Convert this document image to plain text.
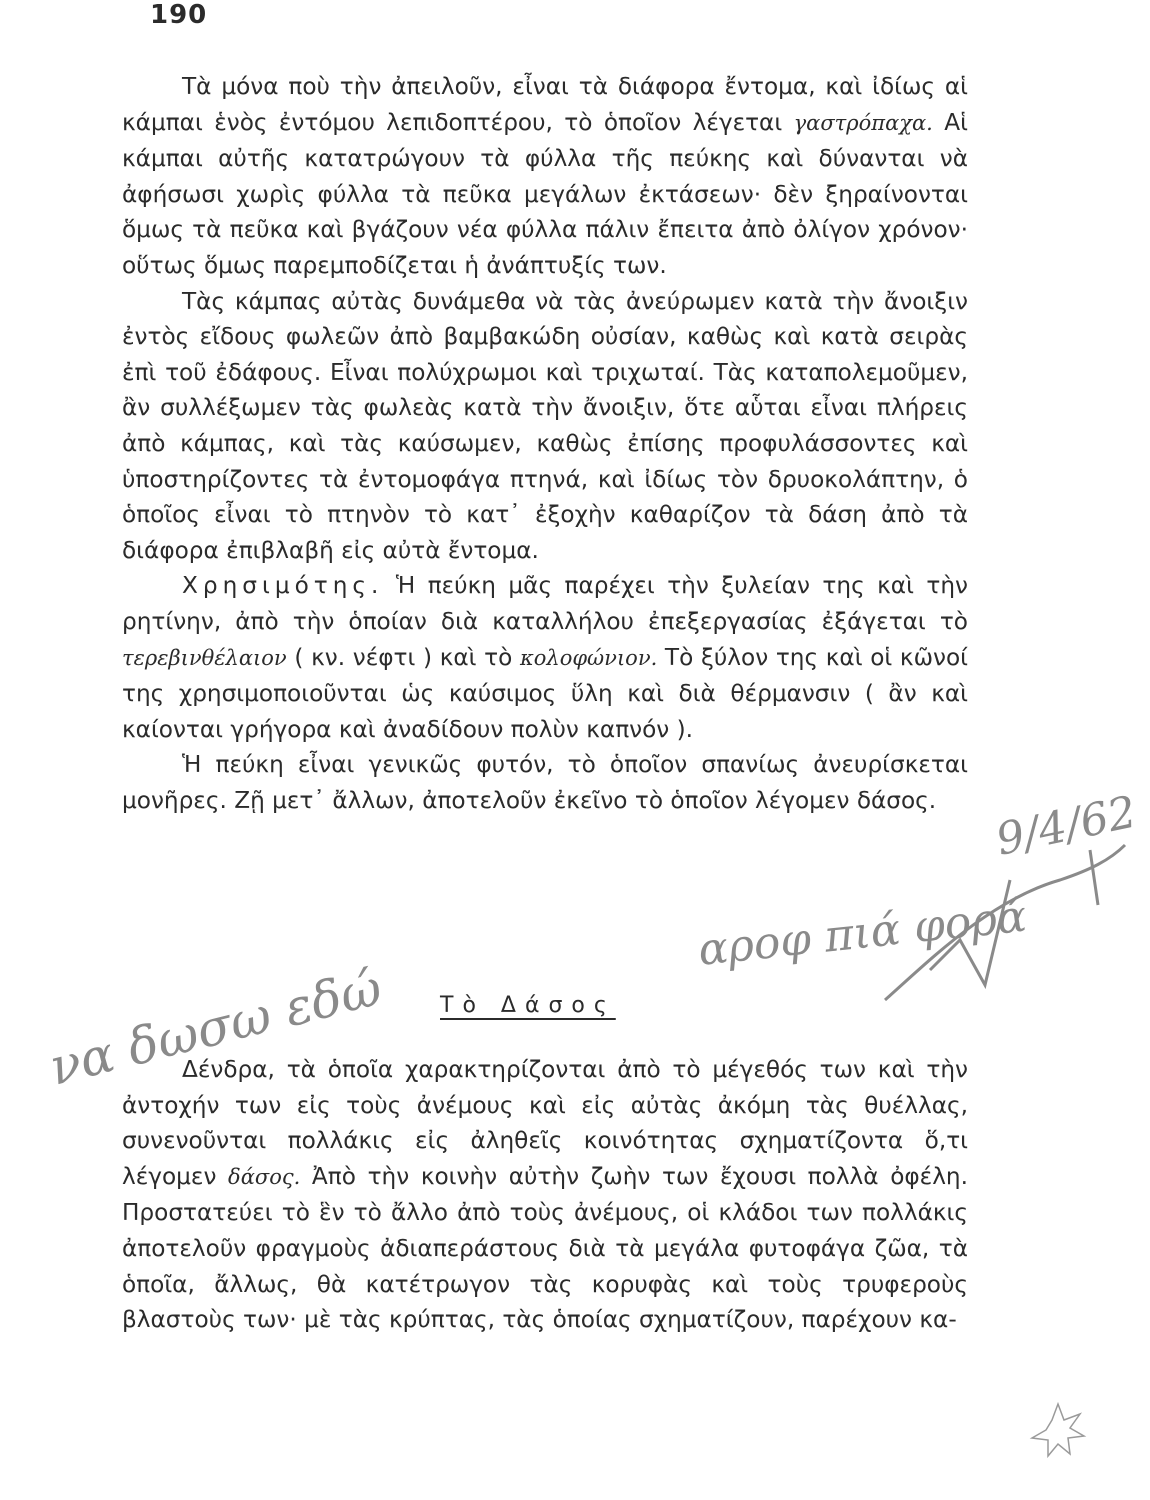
190

Τὰ μόνα ποὺ τὴν ἀπειλοῦν, εἶναι τὰ διάφορα ἔντομα, καὶ ἰδίως αἱ κάμπαι ἑνὸς ἐντόμου λεπιδοπτέρου, τὸ ὁποῖον λέγεται γαστρόπαχα. Αἱ κάμπαι αὐτῆς κατατρώγουν τὰ φύλλα τῆς πεύκης καὶ δύνανται νὰ ἀφήσωσι χωρὶς φύλλα τὰ πεῦκα μεγάλων ἐκτάσεων· δὲν ξηραίνονται ὅμως τὰ πεῦκα καὶ βγάζουν νέα φύλλα πάλιν ἔπειτα ἀπὸ ὀλίγον χρόνον· οὕτως ὅμως παρεμποδίζεται ἡ ἀνάπτυξίς των.

Τὰς κάμπας αὐτὰς δυνάμεθα νὰ τὰς ἀνεύρωμεν κατὰ τὴν ἄνοιξιν ἐντὸς εἴδους φωλεῶν ἀπὸ βαμβακώδη οὐσίαν, καθὼς καὶ κατὰ σειρὰς ἐπὶ τοῦ ἐδάφους. Εἶναι πολύχρωμοι καὶ τριχωταί. Τὰς καταπολεμοῦμεν, ἂν συλλέξωμεν τὰς φωλεὰς κατὰ τὴν ἄνοιξιν, ὅτε αὗται εἶναι πλήρεις ἀπὸ κάμπας, καὶ τὰς καύσωμεν, καθὼς ἐπίσης προφυλάσσοντες καὶ ὑποστηρίζοντες τὰ ἐντομοφάγα πτηνά, καὶ ἰδίως τὸν δρυοκολάπτην, ὁ ὁποῖος εἶναι τὸ πτηνὸν τὸ κατ᾽ ἐξοχὴν καθαρίζον τὰ δάση ἀπὸ τὰ διάφορα ἐπιβλαβῆ εἰς αὐτὰ ἔντομα.

Χρησιμότης. Ἡ πεύκη μᾶς παρέχει τὴν ξυλείαν της καὶ τὴν ρητίνην, ἀπὸ τὴν ὁποίαν διὰ καταλλήλου ἐπεξεργασίας ἐξάγεται τὸ τερεβινθέλαιον ( κν. νέφτι ) καὶ τὸ κολοφώνιον. Τὸ ξύλον της καὶ οἱ κῶνοί της χρησιμοποιοῦνται ὡς καύσιμος ὕλη καὶ διὰ θέρμανσιν ( ἂν καὶ καίονται γρήγορα καὶ ἀναδίδουν πολὺν καπνόν ).

Ἡ πεύκη εἶναι γενικῶς φυτόν, τὸ ὁποῖον σπανίως ἀνευρίσκεται μονῆρες. Ζῇ μετ᾽ ἄλλων, ἀποτελοῦν ἐκεῖνο τὸ ὁποῖον λέγομεν δάσος.

Τὸ Δάσος

Δένδρα, τὰ ὁποῖα χαρακτηρίζονται ἀπὸ τὸ μέγεθός των καὶ τὴν ἀντοχήν των εἰς τοὺς ἀνέμους καὶ εἰς αὐτὰς ἀκόμη τὰς θυέλλας, συνενοῦνται πολλάκις εἰς ἀληθεῖς κοινότητας σχηματίζοντα ὅ,τι λέγομεν δάσος. Ἀπὸ τὴν κοινὴν αὐτὴν ζωὴν των ἔχουσι πολλὰ ὀφέλη. Προστατεύει τὸ ἓν τὸ ἄλλο ἀπὸ τοὺς ἀνέμους, οἱ κλάδοι των πολλάκις ἀποτελοῦν φραγμοὺς ἀδιαπεράστους διὰ τὰ μεγάλα φυτοφάγα ζῶα, τὰ ὁποῖα, ἄλλως, θὰ κατέτρωγον τὰς κορυφὰς καὶ τοὺς τρυφεροὺς βλαστοὺς των· μὲ τὰς κρύπτας, τὰς ὁποίας σχηματίζουν, παρέχουν κα-

9/4/62
αροφ πιά φορά
να δωσω εδώ
